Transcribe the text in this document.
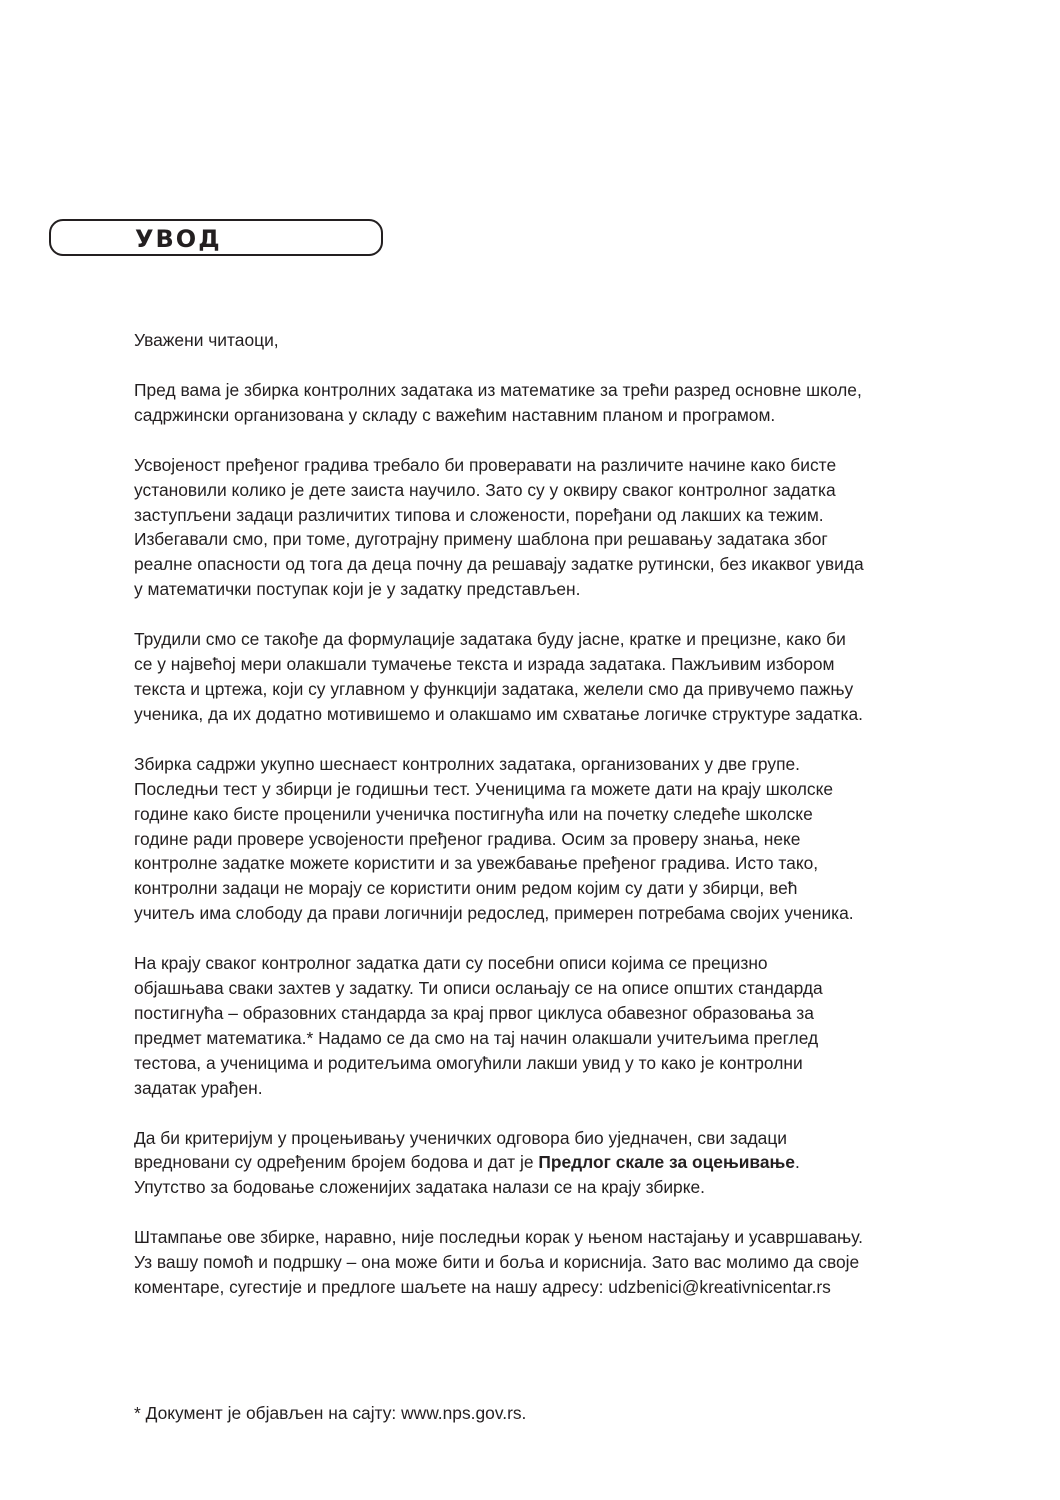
УВОД
Уважени читаоци,
Пред вама је збирка контролних задатака из математике за трећи разред основне школе,
садржински организована у складу с важећим наставним планом и програмом.
Усвојеност пређеног градива требало би проверавати на различите начине како бисте
установили колико је дете заиста научило. Зато су у оквиру сваког контролног задатка
заступљени задаци различитих типова и сложености, поређани од лакших ка тежим.
Избегавали смо, при томе, дуготрајну примену шаблона при решавању задатака због
реалне опасности од тога да деца почну да решавају задатке рутински, без икаквог увида
у математички поступак који је у задатку представљен.
Трудили смо се такође да формулације задатака буду јасне, кратке и прецизне, како би
се у највећој мери олакшали тумачење текста и израда задатака. Пажљивим избором
текста и цртежа, који су углавном у функцији задатака, желели смо да привучемо пажњу
ученика, да их додатно мотивишемо и олакшамо им схватање логичке структуре задатка.
Збирка садржи укупно шеснаест контролних задатака, организованих у две групе.
Последњи тест у збирци је годишњи тест. Ученицима га можете дати на крају школске
године како бисте проценили ученичка постигнућа или на почетку следеће школске
године ради провере усвојености пређеног градива. Осим за проверу знања, неке
контролне задатке можете користити и за увежбавање пређеног градива. Исто тако,
контролни задаци не морају се користити оним редом којим су дати у збирци, већ
учитељ има слободу да прави логичнији редослед, примерен потребама својих ученика.
На крају сваког контролног задатка дати су посебни описи којима се прецизно
објашњава сваки захтев у задатку. Ти описи ослањају се на описе општих стандарда
постигнућа – образовних стандарда за крај првог циклуса обавезног образовања за
предмет математика.* Надамо се да смо на тај начин олакшали учитељима преглед
тестова, а ученицима и родитељима омогућили лакши увид у то како је контролни
задатак урађен.
Да би критеријум у процењивању ученичких одговора био уједначен, сви задаци
вредновани су одређеним бројем бодова и дат је Предлог скале за оцењивање.
Упутство за бодовање сложенијих задатака налази се на крају збирке.
Штампање ове збирке, наравно, није последњи корак у њеном настајању и усавршавању.
Уз вашу помоћ и подршку – она може бити и боља и кориснија. Зато вас молимо да своје
коментаре, сугестије и предлоге шаљете на нашу адресу: udzbenici@kreativnicentar.rs
* Документ је објављен на сајту: www.nps.gov.rs.
